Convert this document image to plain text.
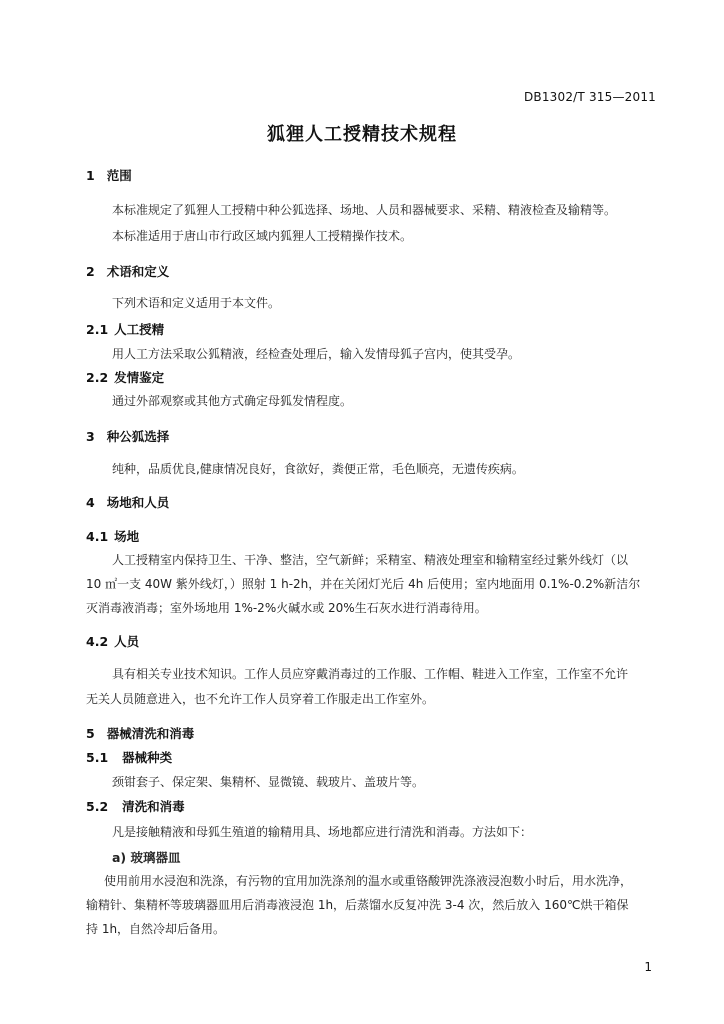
DB1302/T 315—2011
狐狸人工授精技术规程
1 范围
本标准规定了狐狸人工授精中种公狐选择、场地、人员和器械要求、采精、精液检查及输精等。
本标准适用于唐山市行政区域内狐狸人工授精操作技术。
2 术语和定义
下列术语和定义适用于本文件。
2.1 人工授精
用人工方法采取公狐精液，经检查处理后，输入发情母狐子宫内，使其受孕。
2.2 发情鉴定
通过外部观察或其他方式确定母狐发情程度。
3 种公狐选择
纯种，品质优良,健康情况良好，食欲好，粪便正常，毛色顺亮，无遗传疾病。
4 场地和人员
4.1 场地
人工授精室内保持卫生、干净、整洁，空气新鲜；采精室、精液处理室和输精室经过紫外线灯（以
10 ㎡一支 40W 紫外线灯，）照射 1 h-2h，并在关闭灯光后 4h 后使用；室内地面用 0.1%-0.2%新洁尔
灭消毒液消毒；室外场地用 1%-2%火碱水或 20%生石灰水进行消毒待用。
4.2 人员
具有相关专业技术知识。工作人员应穿戴消毒过的工作服、工作帽、鞋进入工作室，工作室不允许
无关人员随意进入，也不允许工作人员穿着工作服走出工作室外。
5 器械清洗和消毒
5.1 器械种类
颈钳套子、保定架、集精杯、显微镜、载玻片、盖玻片等。
5.2 清洗和消毒
凡是接触精液和母狐生殖道的输精用具、场地都应进行清洗和消毒。方法如下：
a) 玻璃器皿
使用前用水浸泡和洗涤，有污物的宜用加洗涤剂的温水或重铬酸钾洗涤液浸泡数小时后，用水洗净，
输精针、集精杯等玻璃器皿用后消毒液浸泡 1h，后蒸馏水反复冲洗 3-4 次，然后放入 160℃烘干箱保
持 1h，自然冷却后备用。
1
